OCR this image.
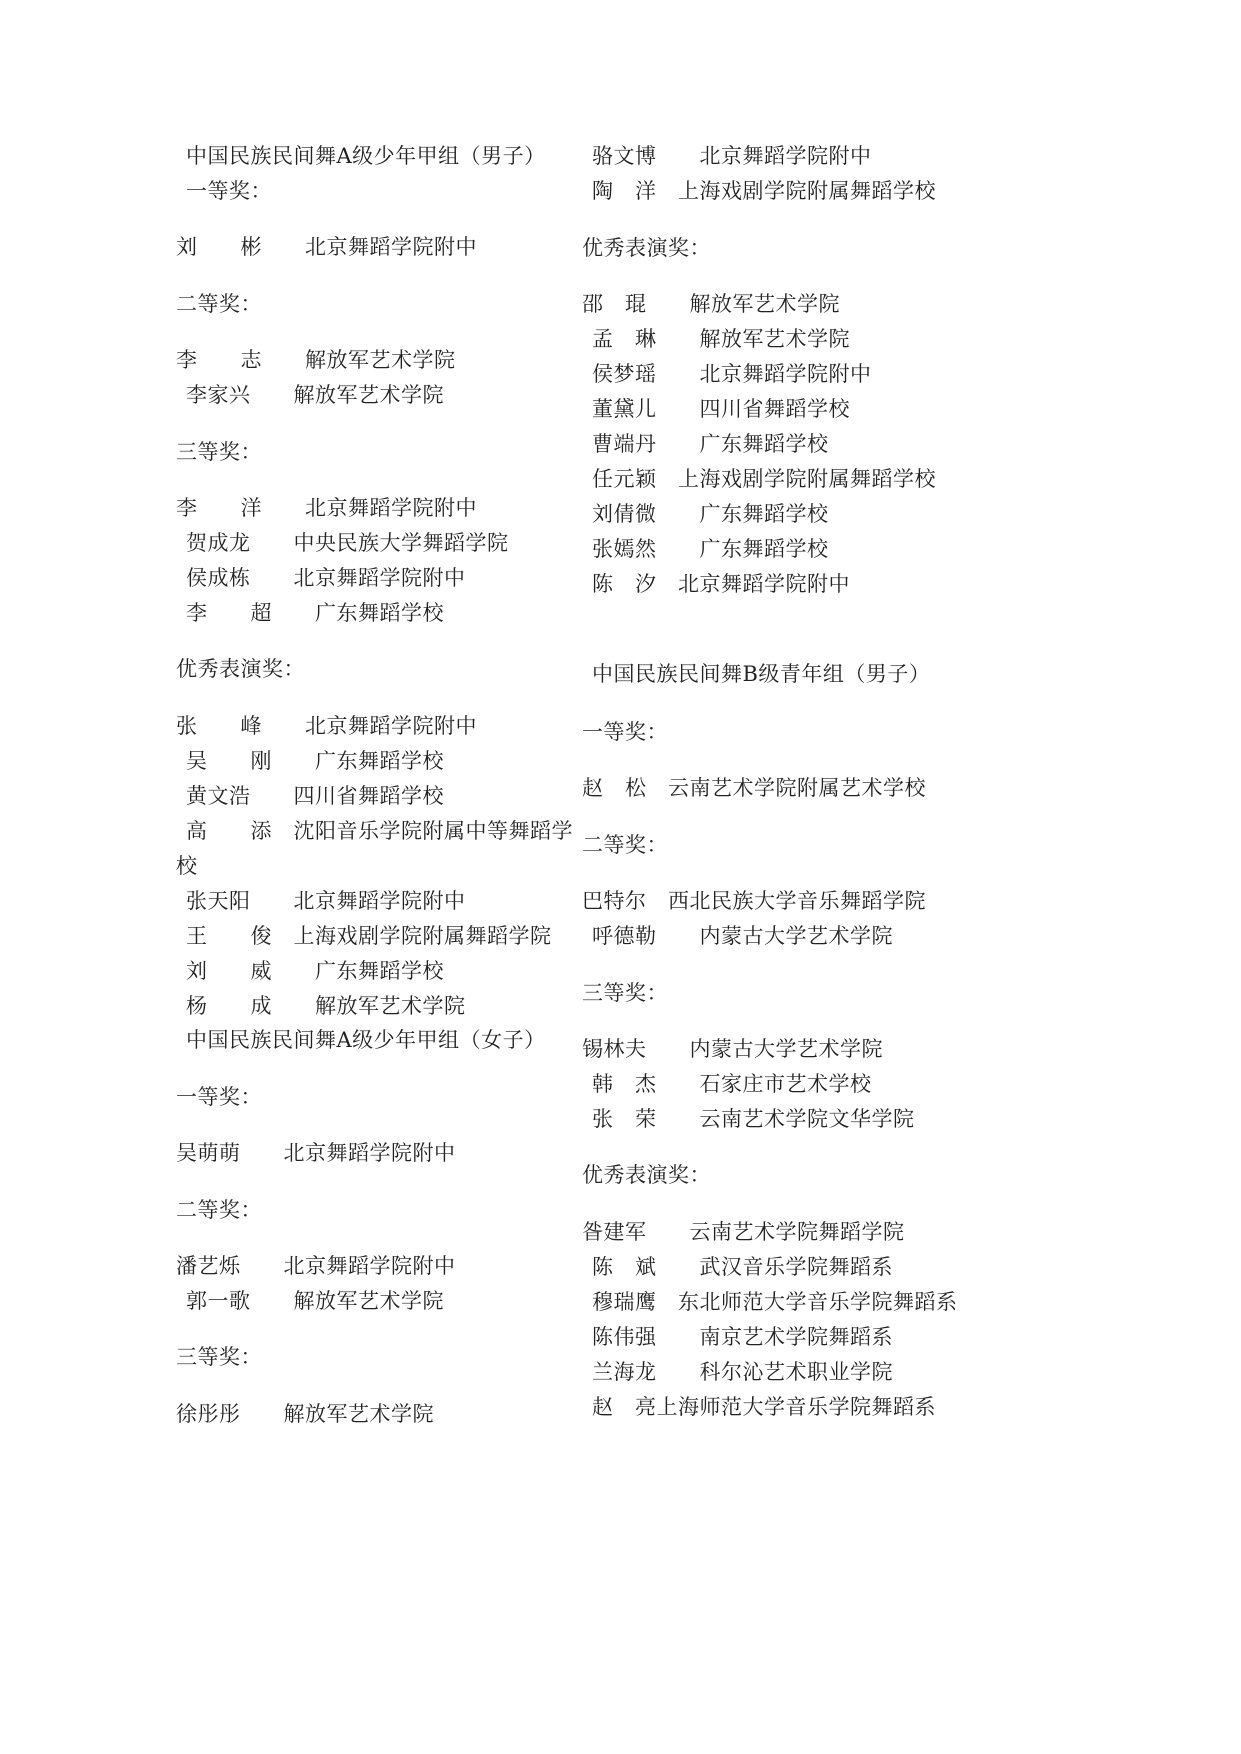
中国民族民间舞A级少年甲组（男子）
一等奖：
刘　　彬　　北京舞蹈学院附中
二等奖：
李　　志　　解放军艺术学院
李家兴　　解放军艺术学院
三等奖：
李　　洋　　北京舞蹈学院附中
贺成龙　　中央民族大学舞蹈学院
侯成栋　　北京舞蹈学院附中
李　　超　　广东舞蹈学校
优秀表演奖：
张　　峰　　北京舞蹈学院附中
吴　　刚　　广东舞蹈学校
黄文浩　　四川省舞蹈学校
高　　添　沈阳音乐学院附属中等舞蹈学
校
张天阳　　北京舞蹈学院附中
王　　俊　上海戏剧学院附属舞蹈学院
刘　　威　　广东舞蹈学校
杨　　成　　解放军艺术学院
中国民族民间舞A级少年甲组（女子）
一等奖：
吴萌萌　　北京舞蹈学院附中
二等奖：
潘艺烁　　北京舞蹈学院附中
郭一歌　　解放军艺术学院
三等奖：
徐彤彤　　解放军艺术学院
骆文博　　北京舞蹈学院附中
陶　洋　上海戏剧学院附属舞蹈学校
优秀表演奖：
邵　琨　　解放军艺术学院
孟　琳　　解放军艺术学院
侯梦瑶　　北京舞蹈学院附中
董黛儿　　四川省舞蹈学校
曹端丹　　广东舞蹈学校
任元颖　上海戏剧学院附属舞蹈学校
刘倩微　　广东舞蹈学校
张嫣然　　广东舞蹈学校
陈　汐　北京舞蹈学院附中
中国民族民间舞B级青年组（男子）
一等奖：
赵　松　云南艺术学院附属艺术学校
二等奖：
巴特尔　西北民族大学音乐舞蹈学院
呼德勒　　内蒙古大学艺术学院
三等奖：
锡林夫　　内蒙古大学艺术学院
韩　杰　　石家庄市艺术学校
张　荣　　云南艺术学院文华学院
优秀表演奖：
昝建军　　云南艺术学院舞蹈学院
陈　斌　　武汉音乐学院舞蹈系
穆瑞鹰　东北师范大学音乐学院舞蹈系
陈伟强　　南京艺术学院舞蹈系
兰海龙　　科尔沁艺术职业学院
赵　亮上海师范大学音乐学院舞蹈系
